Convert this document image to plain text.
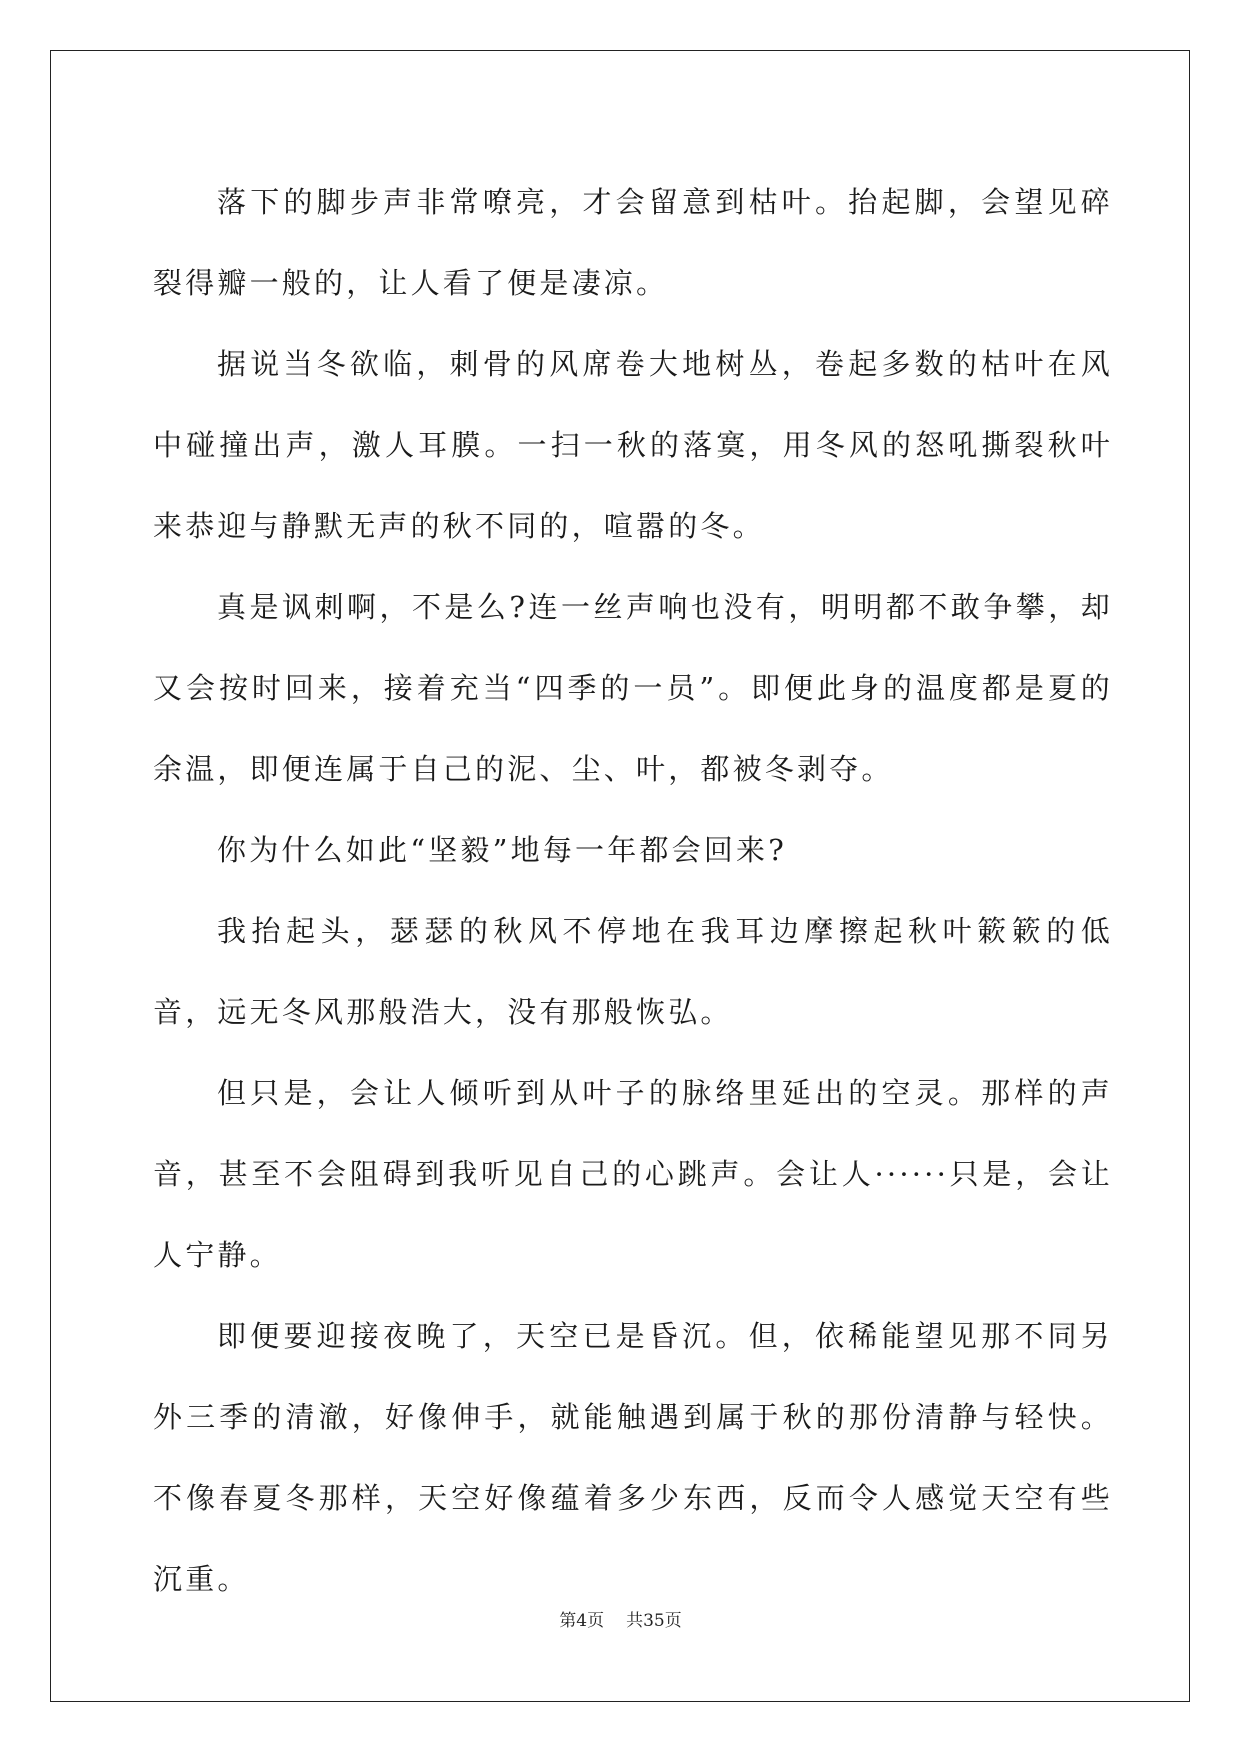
落下的脚步声非常嘹亮，才会留意到枯叶。抬起脚，会望见碎裂得瓣一般的，让人看了便是凄凉。

据说当冬欲临，刺骨的风席卷大地树丛，卷起多数的枯叶在风中碰撞出声，激人耳膜。一扫一秋的落寞，用冬风的怒吼撕裂秋叶来恭迎与静默无声的秋不同的，喧嚣的冬。

真是讽刺啊，不是么?连一丝声响也没有，明明都不敢争攀，却又会按时回来，接着充当“四季的一员”。即便此身的温度都是夏的余温，即便连属于自己的泥、尘、叶，都被冬剥夺。

你为什么如此“坚毅”地每一年都会回来?

我抬起头，瑟瑟的秋风不停地在我耳边摩擦起秋叶簌簌的低音，远无冬风那般浩大，没有那般恢弘。

但只是，会让人倾听到从叶子的脉络里延出的空灵。那样的声音，甚至不会阻碍到我听见自己的心跳声。会让人······只是，会让人宁静。

即便要迎接夜晚了，天空已是昏沉。但，依稀能望见那不同另外三季的清澈，好像伸手，就能触遇到属于秋的那份清静与轻快。不像春夏冬那样，天空好像蕴着多少东西，反而令人感觉天空有些沉重。

第4页 共35页
